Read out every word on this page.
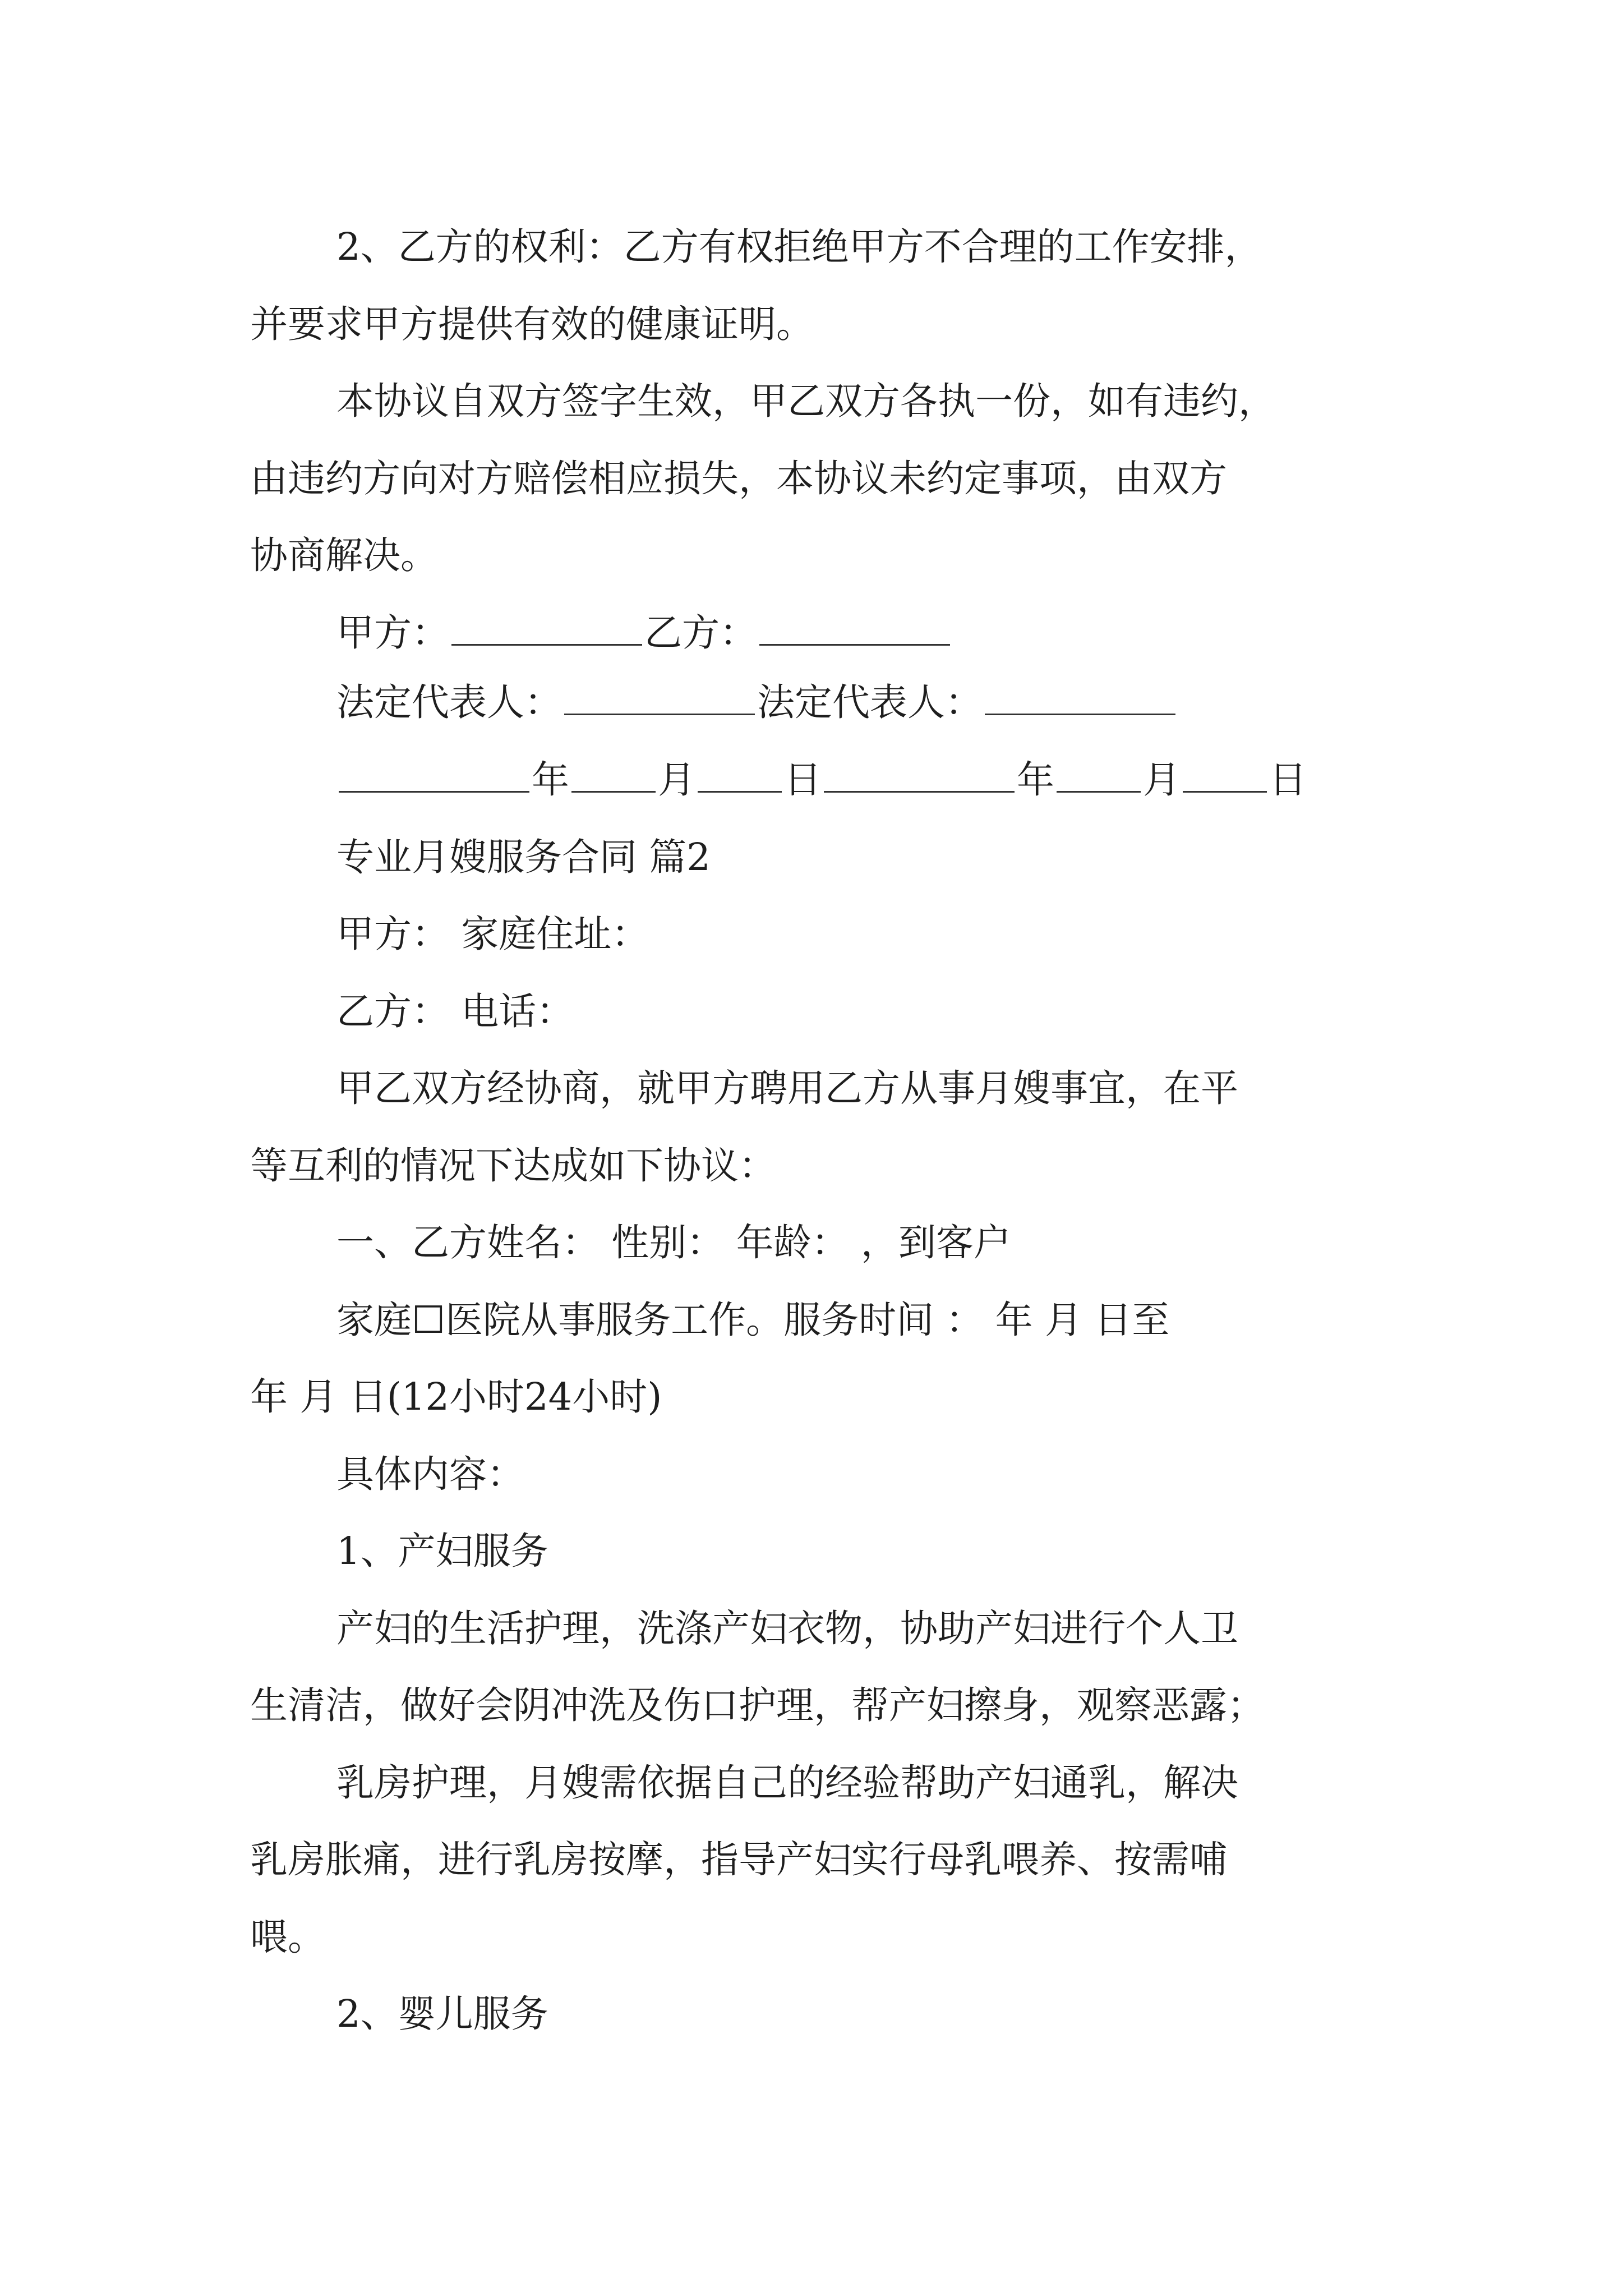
2、乙方的权利：乙方有权拒绝甲方不合理的工作安排，
并要求甲方提供有效的健康证明。
本协议自双方签字生效，甲乙双方各执一份，如有违约，
由违约方向对方赔偿相应损失，本协议未约定事项，由双方
协商解决。
甲方：	乙方：
法定代表人：	法定代表人：
年 月 日	年 月 日
专业月嫂服务合同 篇2
甲方： 家庭住址：
乙方： 电话：
甲乙双方经协商，就甲方聘用乙方从事月嫂事宜，在平
等互利的情况下达成如下协议：
一、乙方姓名： 性别： 年龄： ，到客户
家庭☐医院从事服务工作。服务时间 ： 年 月 日至
年 月 日(12小时24小时)
具体内容：
1、产妇服务
产妇的生活护理，洗涤产妇衣物，协助产妇进行个人卫
生清洁，做好会阴冲洗及伤口护理，帮产妇擦身，观察恶露；
乳房护理，月嫂需依据自己的经验帮助产妇通乳，解决
乳房胀痛，进行乳房按摩，指导产妇实行母乳喂养、按需哺
喂。
2、婴儿服务
